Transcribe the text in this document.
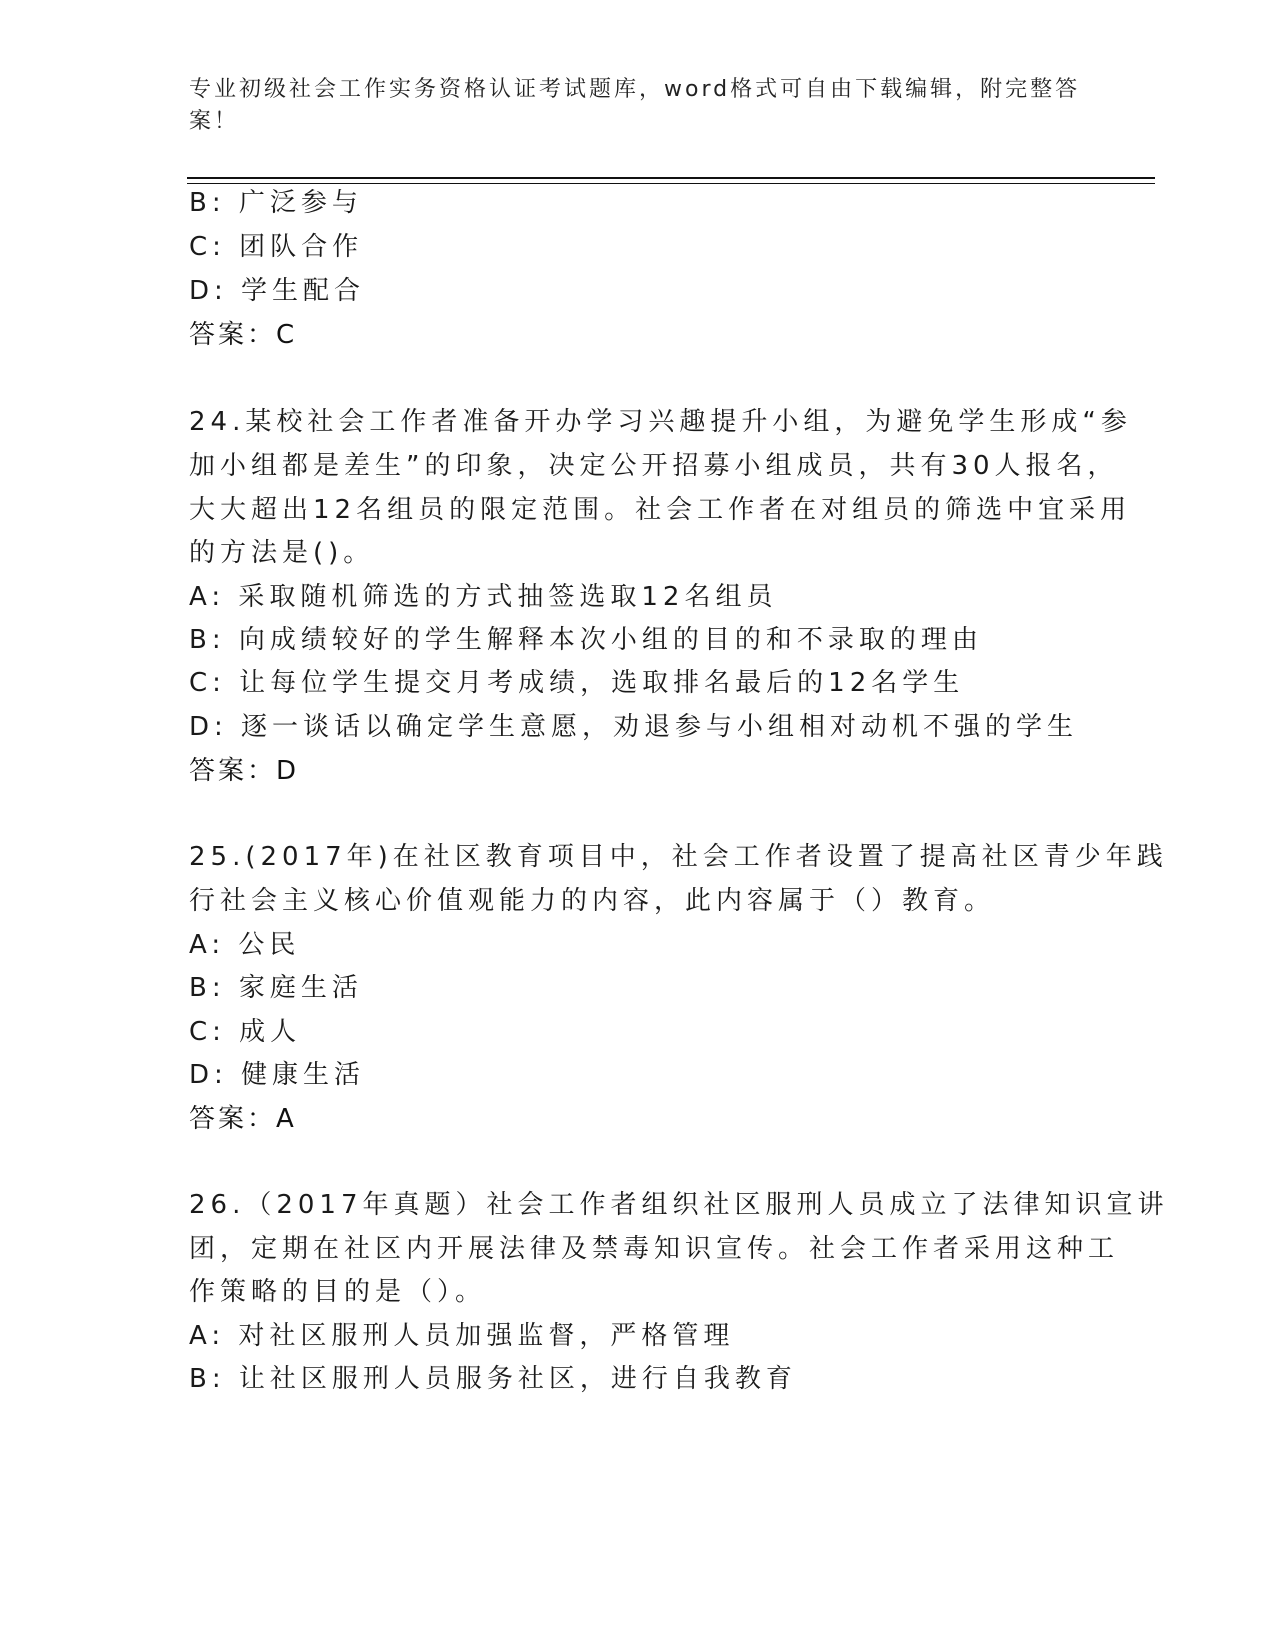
专业初级社会工作实务资格认证考试题库，word格式可自由下载编辑，附完整答
案！
B: 广泛参与
C: 团队合作
D: 学生配合
答案：C
24.某校社会工作者准备开办学习兴趣提升小组，为避免学生形成“参
加小组都是差生”的印象，决定公开招募小组成员，共有30人报名，
大大超出12名组员的限定范围。社会工作者在对组员的筛选中宜采用
的方法是()。
A: 采取随机筛选的方式抽签选取12名组员
B: 向成绩较好的学生解释本次小组的目的和不录取的理由
C: 让每位学生提交月考成绩，选取排名最后的12名学生
D: 逐一谈话以确定学生意愿，劝退参与小组相对动机不强的学生
答案：D
25.(2017年)在社区教育项目中，社会工作者设置了提高社区青少年践
行社会主义核心价值观能力的内容，此内容属于（）教育。
A: 公民
B: 家庭生活
C: 成人
D: 健康生活
答案：A
26.（2017年真题）社会工作者组织社区服刑人员成立了法律知识宣讲
团，定期在社区内开展法律及禁毒知识宣传。社会工作者采用这种工
作策略的目的是（）。
A: 对社区服刑人员加强监督，严格管理
B: 让社区服刑人员服务社区，进行自我教育
